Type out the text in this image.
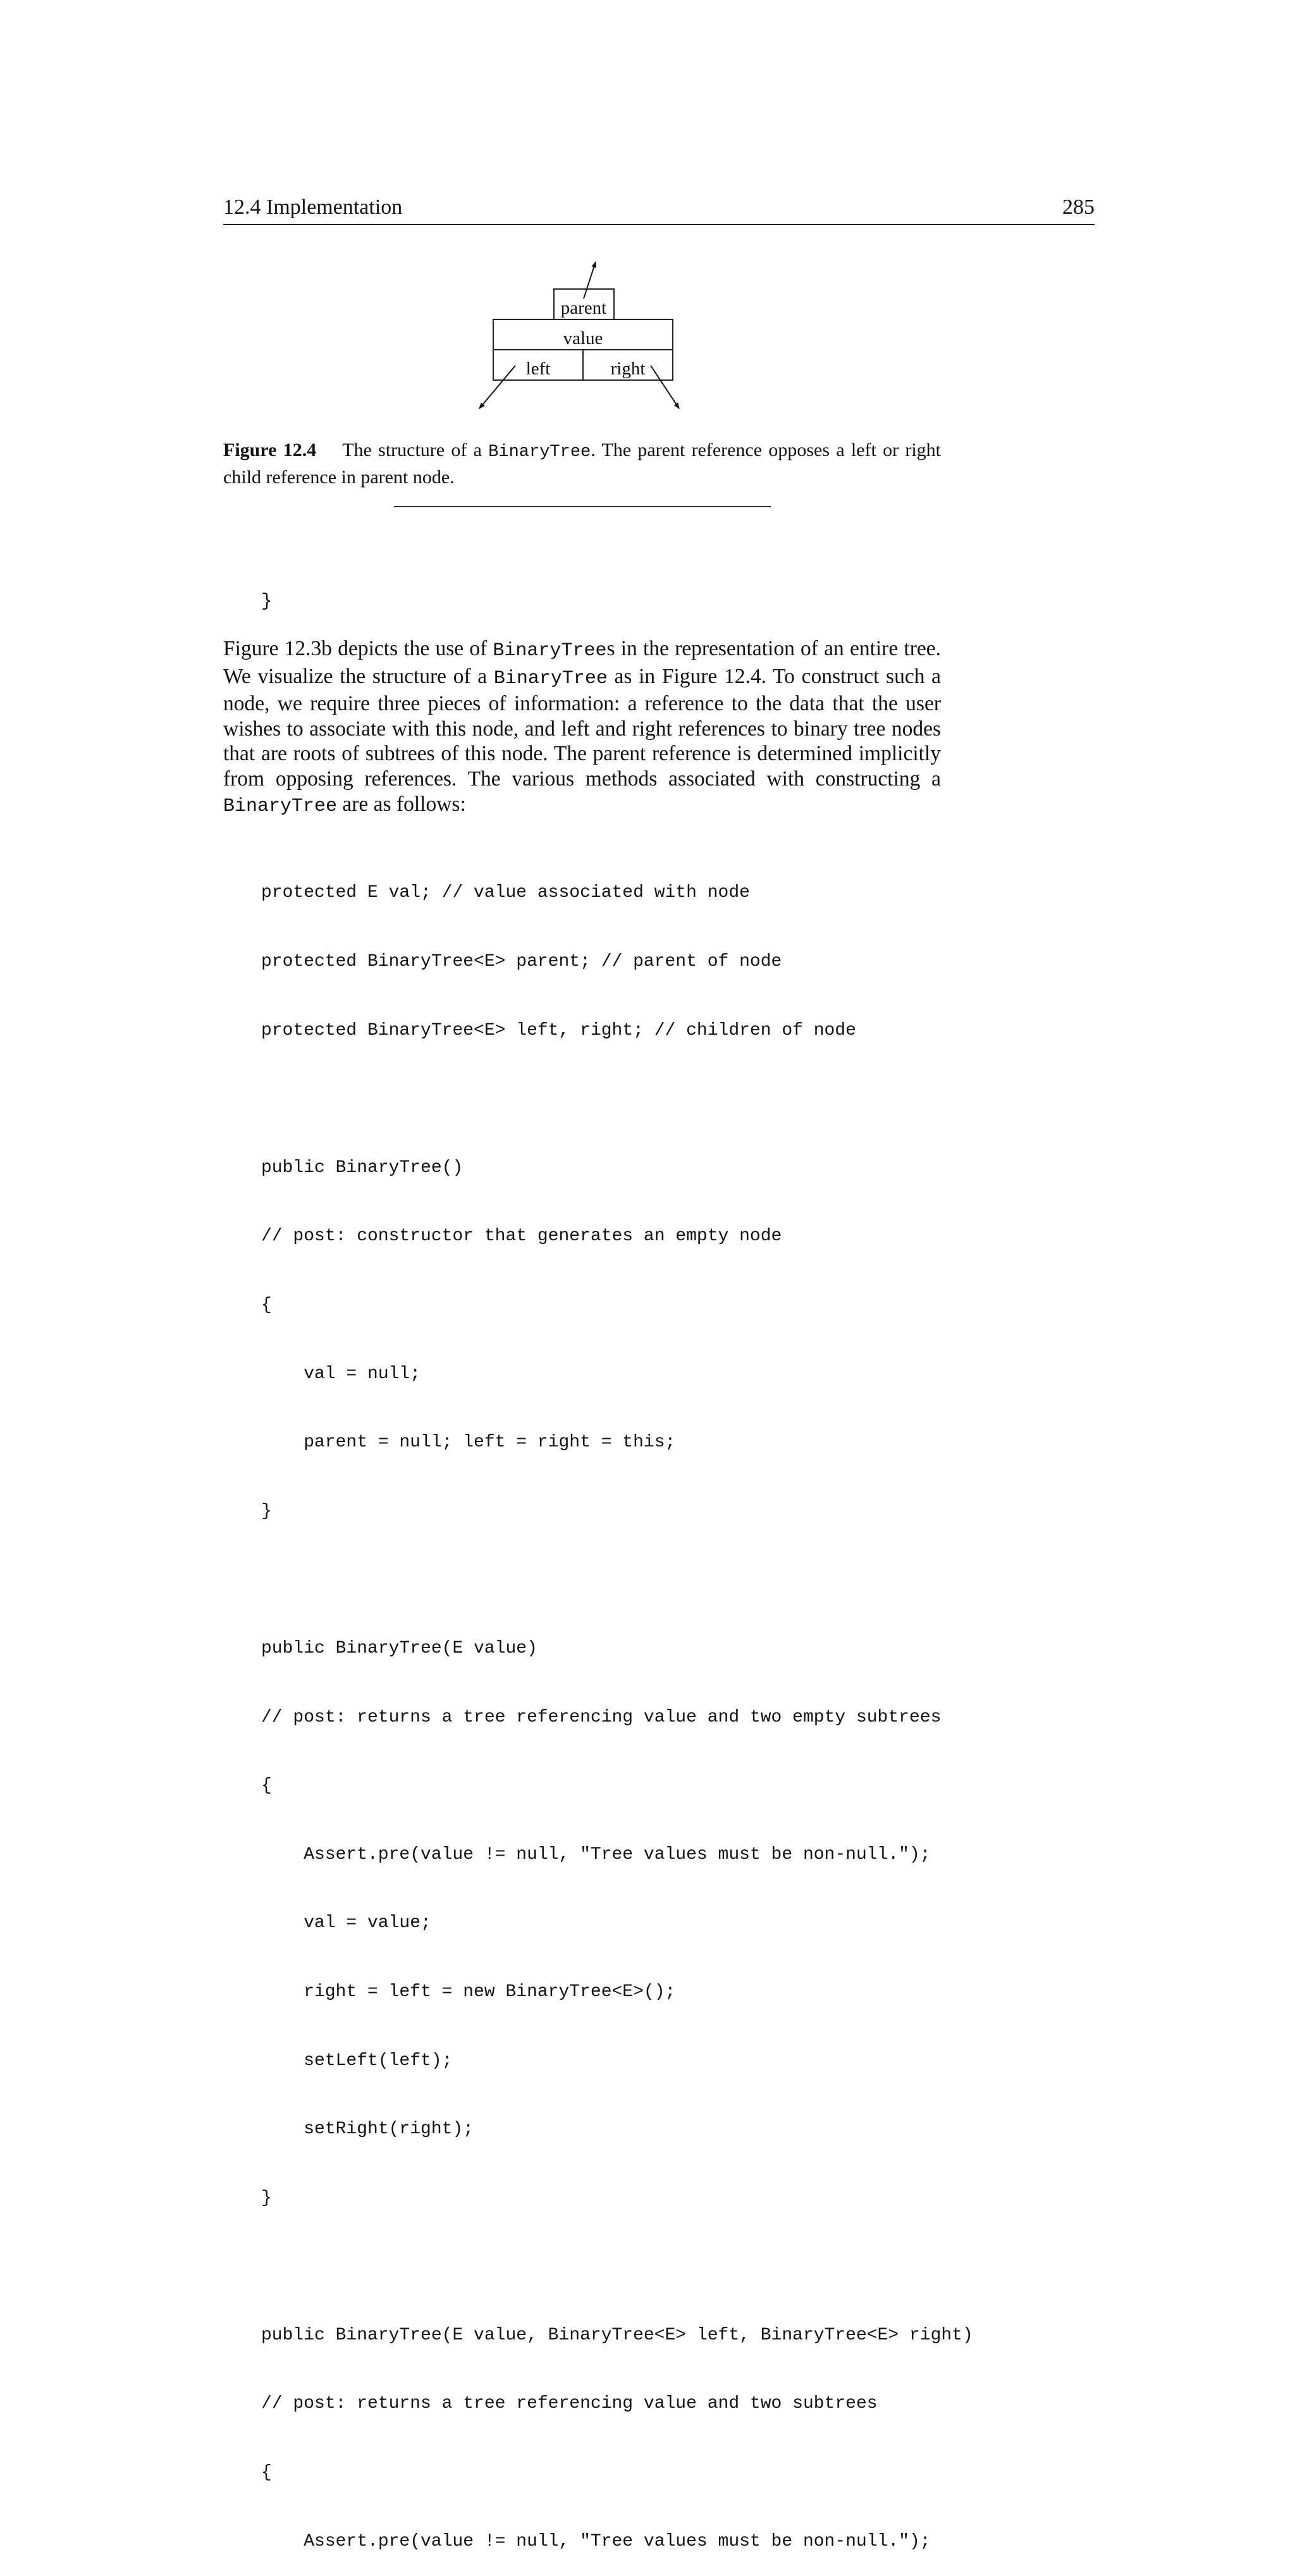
12.4 Implementation	285
parent
value
left	right
Figure 12.4 The structure of a BinaryTree. The parent reference opposes a left or right child reference in parent node.
}
Figure 12.3b depicts the use of BinaryTrees in the representation of an entire tree. We visualize the structure of a BinaryTree as in Figure 12.4. To construct such a node, we require three pieces of information: a reference to the data that the user wishes to associate with this node, and left and right references to binary tree nodes that are roots of subtrees of this node. The parent reference is determined implicitly from opposing references. The various methods associated with constructing a BinaryTree are as follows:

protected E val; // value associated with node

protected BinaryTree<E> parent; // parent of node

protected BinaryTree<E> left, right; // children of node

public BinaryTree()

// post: constructor that generates an empty node

{

val = null;

parent = null; left = right = this;

}

public BinaryTree(E value)

// post: returns a tree referencing value and two empty subtrees

{

Assert.pre(value != null, "Tree values must be non-null.");

val = value;

right = left = new BinaryTree<E>();

setLeft(left);

setRight(right);

}

public BinaryTree(E value, BinaryTree<E> left, BinaryTree<E> right)

// post: returns a tree referencing value and two subtrees

{

Assert.pre(value != null, "Tree values must be non-null.");
